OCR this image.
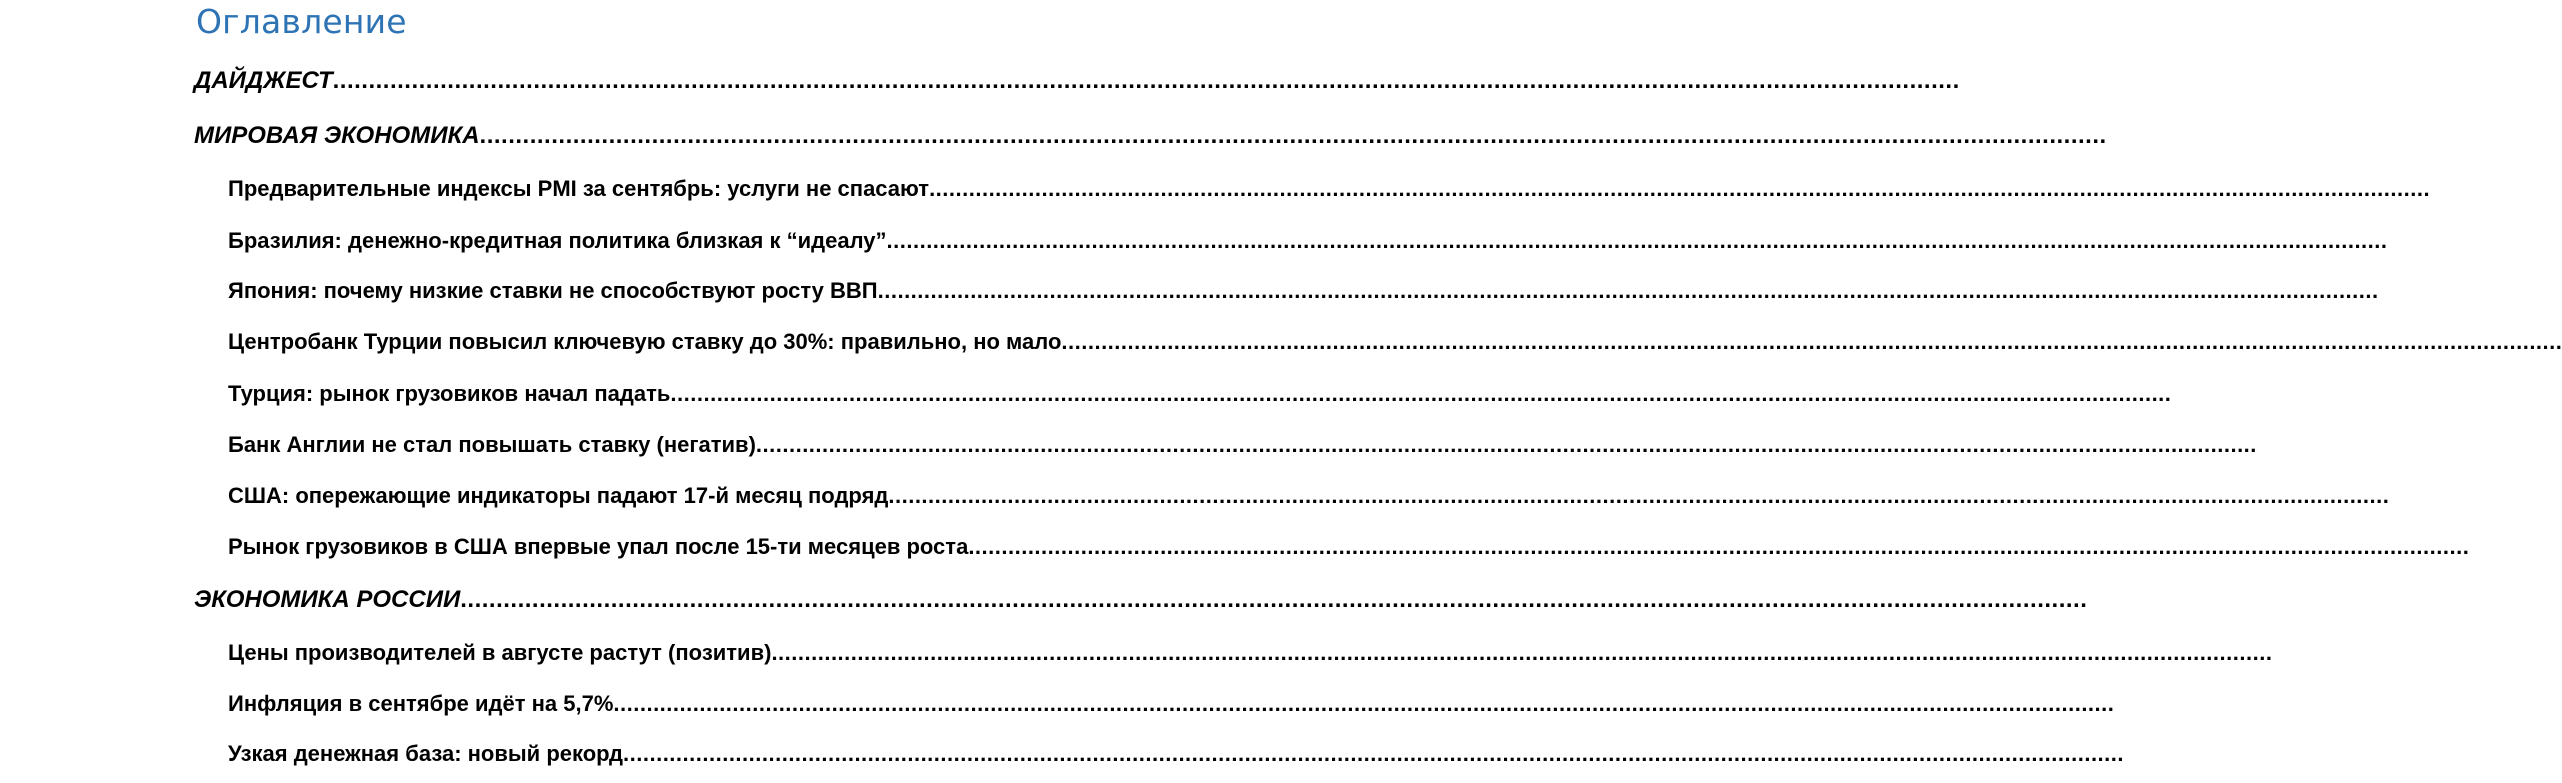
Оглавление
ДАЙДЖЕСТ ...................................................................................................................................................................................................................................
МИРОВАЯ ЭКОНОМИКА ...................................................................................................................................................................................................................................
Предварительные индексы PMI за сентябрь: услуги не спасают ...................................................................................................................................................................................................................................
Бразилия: денежно-кредитная политика близкая к “идеалу” ...................................................................................................................................................................................................................................
Япония: почему низкие ставки не способствуют росту ВВП ...................................................................................................................................................................................................................................
Центробанк Турции повысил ключевую ставку до 30%: правильно, но мало ...................................................................................................................................................................................................................................
Турция: рынок грузовиков начал падать ...................................................................................................................................................................................................................................
Банк Англии не стал повышать ставку (негатив) ...................................................................................................................................................................................................................................
США: опережающие индикаторы падают 17-й месяц подряд ...................................................................................................................................................................................................................................
Рынок грузовиков в США впервые упал после 15-ти месяцев роста ...................................................................................................................................................................................................................................
ЭКОНОМИКА РОССИИ ...................................................................................................................................................................................................................................
Цены производителей в августе растут (позитив) ...................................................................................................................................................................................................................................
Инфляция в сентябре идёт на 5,7% ...................................................................................................................................................................................................................................
Узкая денежная база: новый рекорд ...................................................................................................................................................................................................................................
